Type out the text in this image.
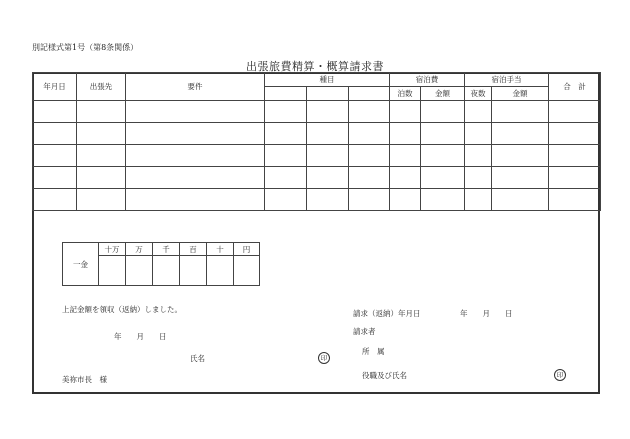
別記様式第1号（第8条関係）
出張旅費精算・概算請求書
年月日	出張先	要件	種目			宿泊費		宿泊手当		合　計
						泊数	金額	夜数	金額	

一金	十万	万	千	百	十	円

上記金額を領収（返納）しました。
年　　月　　日
氏名	印
美祢市長　様
請求（返納）年月日	年　　月　　日
請求者
所　属
役職及び氏名	印
